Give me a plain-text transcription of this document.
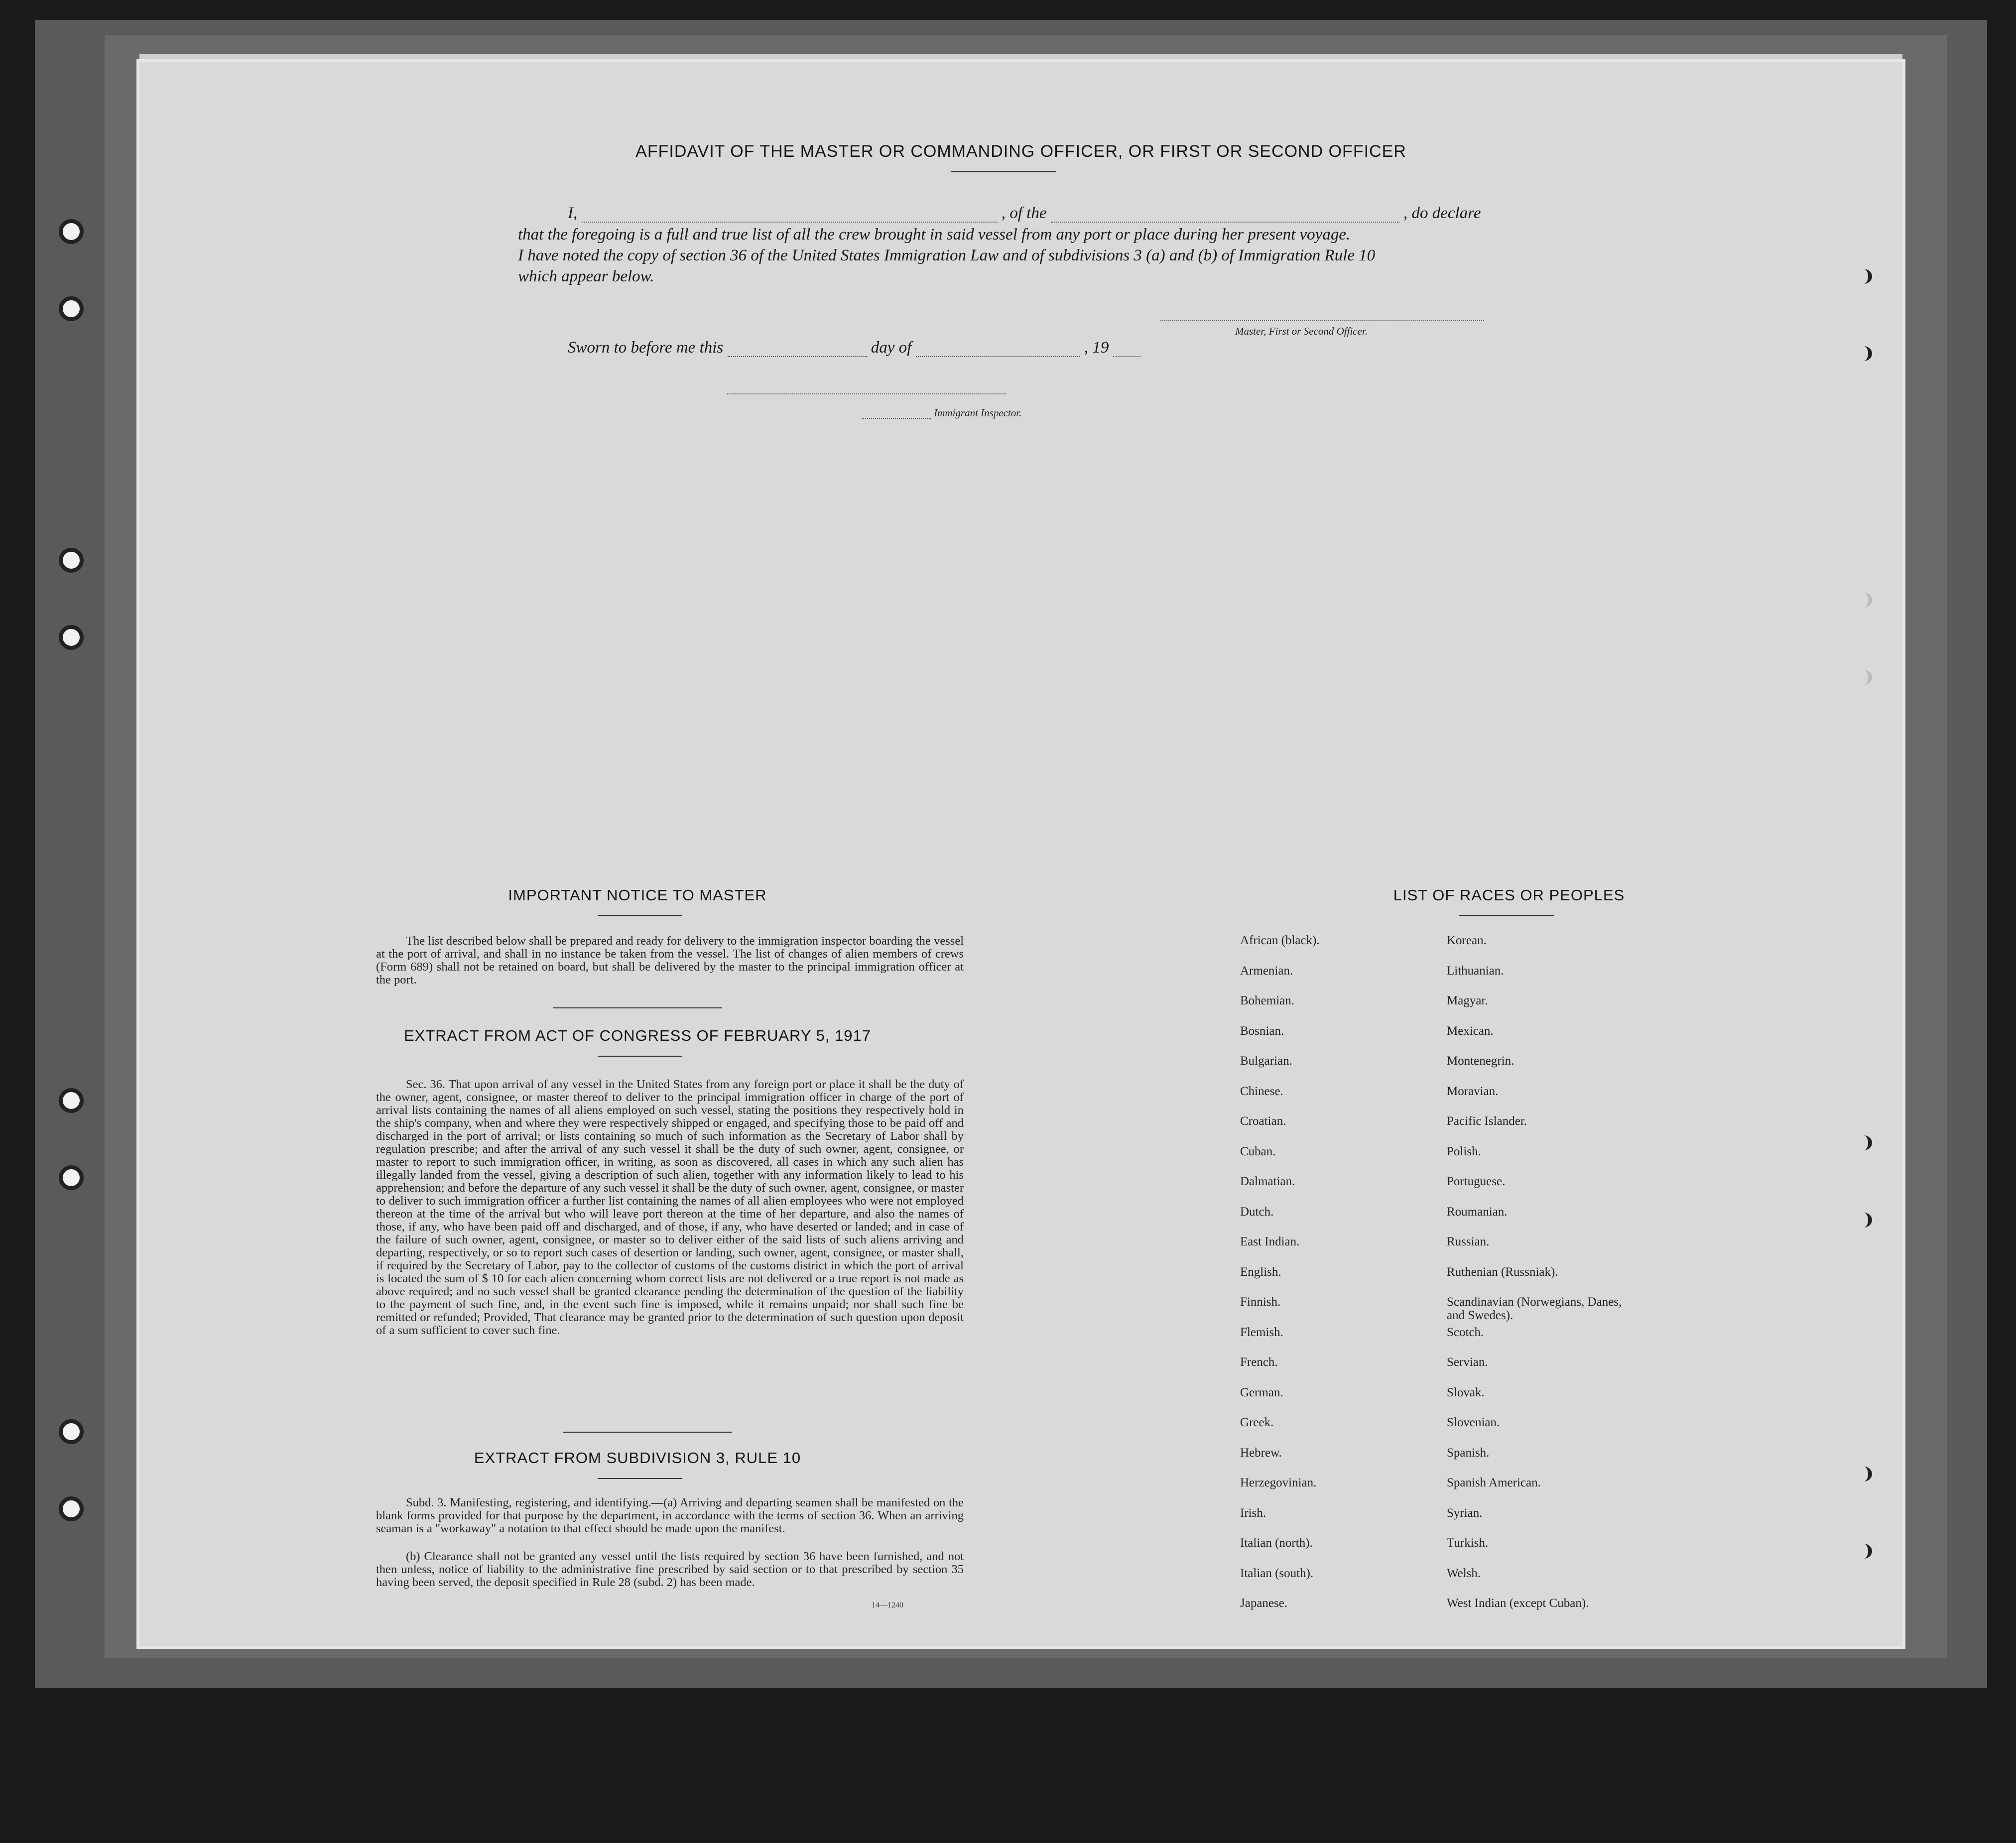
AFFIDAVIT OF THE MASTER OR COMMANDING OFFICER, OR FIRST OR SECOND OFFICER
I,	, of the	, do declare
that the foregoing is a full and true list of all the crew brought in said vessel from any port or place during her present voyage.
I have noted the copy of section 36 of the United States Immigration Law and of subdivisions 3 (a) and (b) of Immigration Rule 10
which appear below.
Master, First or Second Officer.
Sworn to before me this	day of	, 19
Immigrant Inspector.
IMPORTANT NOTICE TO MASTER
The list described below shall be prepared and ready for delivery to the immigration inspector boarding the vessel at the port of arrival, and shall in no instance be taken from the vessel. The list of changes of alien members of crews (Form 689) shall not be retained on board, but shall be delivered by the master to the principal immigration officer at the port.
EXTRACT FROM ACT OF CONGRESS OF FEBRUARY 5, 1917
Sec. 36. That upon arrival of any vessel in the United States from any foreign port or place it shall be the duty of the owner, agent, consignee, or master thereof to deliver to the principal immigration officer in charge of the port of arrival lists containing the names of all aliens employed on such vessel, stating the positions they respectively hold in the ship's company, when and where they were respectively shipped or engaged, and specifying those to be paid off and discharged in the port of arrival; or lists containing so much of such information as the Secretary of Labor shall by regulation prescribe; and after the arrival of any such vessel it shall be the duty of such owner, agent, consignee, or master to report to such immigration officer, in writing, as soon as discovered, all cases in which any such alien has illegally landed from the vessel, giving a description of such alien, together with any information likely to lead to his apprehension; and before the departure of any such vessel it shall be the duty of such owner, agent, consignee, or master to deliver to such immigration officer a further list containing the names of all alien employees who were not employed thereon at the time of the arrival but who will leave port thereon at the time of her departure, and also the names of those, if any, who have been paid off and discharged, and of those, if any, who have deserted or landed; and in case of the failure of such owner, agent, consignee, or master so to deliver either of the said lists of such aliens arriving and departing, respectively, or so to report such cases of desertion or landing, such owner, agent, consignee, or master shall, if required by the Secretary of Labor, pay to the collector of customs of the customs district in which the port of arrival is located the sum of $ 10 for each alien concerning whom correct lists are not delivered or a true report is not made as above required; and no such vessel shall be granted clearance pending the determination of the question of the liability to the payment of such fine, and, in the event such fine is imposed, while it remains unpaid; nor shall such fine be remitted or refunded; Provided, That clearance may be granted prior to the determination of such question upon deposit of a sum sufficient to cover such fine.
EXTRACT FROM SUBDIVISION 3, RULE 10
Subd. 3. Manifesting, registering, and identifying.—(a) Arriving and departing seamen shall be manifested on the blank forms provided for that purpose by the department, in accordance with the terms of section 36. When an arriving seaman is a "workaway" a notation to that effect should be made upon the manifest.
(b) Clearance shall not be granted any vessel until the lists required by section 36 have been furnished, and not then unless, notice of liability to the administrative fine prescribed by said section or to that prescribed by section 35 having been served, the deposit specified in Rule 28 (subd. 2) has been made.
14—1240
LIST OF RACES OR PEOPLES
African (black).
Armenian.
Bohemian.
Bosnian.
Bulgarian.
Chinese.
Croatian.
Cuban.
Dalmatian.
Dutch.
East Indian.
English.
Finnish.
Flemish.
French.
German.
Greek.
Hebrew.
Herzegovinian.
Irish.
Italian (north).
Italian (south).
Japanese.
Korean.
Lithuanian.
Magyar.
Mexican.
Montenegrin.
Moravian.
Pacific Islander.
Polish.
Portuguese.
Roumanian.
Russian.
Ruthenian (Russniak).
Scandinavian (Norwegians, Danes, and Swedes).
Scotch.
Servian.
Slovak.
Slovenian.
Spanish.
Spanish American.
Syrian.
Turkish.
Welsh.
West Indian (except Cuban).
